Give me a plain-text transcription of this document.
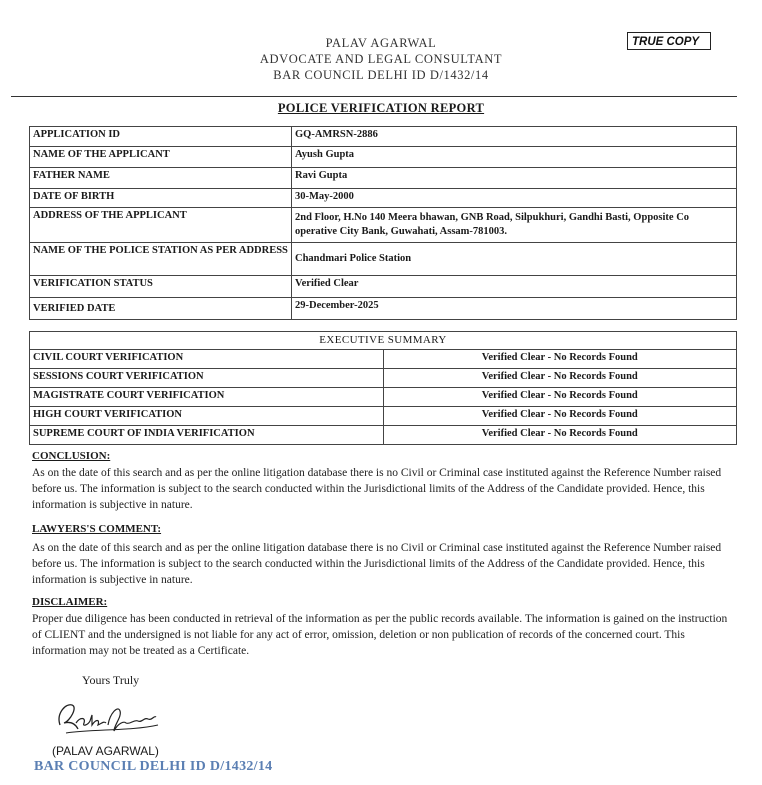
PALAV AGARWAL
ADVOCATE AND LEGAL CONSULTANT
BAR COUNCIL DELHI ID D/1432/14
TRUE COPY
POLICE VERIFICATION REPORT
APPLICATION ID	GQ-AMRSN-2886
NAME OF THE APPLICANT	Ayush Gupta
FATHER NAME	Ravi Gupta
DATE OF BIRTH	30-May-2000
ADDRESS OF THE APPLICANT	2nd Floor, H.No 140 Meera bhawan, GNB Road, Silpukhuri, Gandhi Basti, Opposite Co operative City Bank, Guwahati, Assam-781003.
NAME OF THE POLICE STATION AS PER ADDRESS	Chandmari Police Station
VERIFICATION STATUS	Verified Clear
VERIFIED DATE	29-December-2025
EXECUTIVE SUMMARY	
CIVIL COURT VERIFICATION	Verified Clear - No Records Found
SESSIONS COURT VERIFICATION	Verified Clear - No Records Found
MAGISTRATE COURT VERIFICATION	Verified Clear - No Records Found
HIGH COURT VERIFICATION	Verified Clear - No Records Found
SUPREME COURT OF INDIA VERIFICATION	Verified Clear - No Records Found
CONCLUSION:
As on the date of this search and as per the online litigation database there is no Civil or Criminal case instituted against the Reference Number raised before us. The information is subject to the search conducted within the Jurisdictional limits of the Address of the Candidate provided. Hence, this information is subjective in nature.
LAWYERS'S COMMENT:
As on the date of this search and as per the online litigation database there is no Civil or Criminal case instituted against the Reference Number raised before us. The information is subject to the search conducted within the Jurisdictional limits of the Address of the Candidate provided. Hence, this information is subjective in nature.
DISCLAIMER:
Proper due diligence has been conducted in retrieval of the information as per the public records available. The information is gained on the instruction of CLIENT and the undersigned is not liable for any act of error, omission, deletion or non publication of records of the concerned court. This information may not be treated as a Certificate.
Yours Truly
(PALAV AGARWAL)
BAR COUNCIL DELHI ID D/1432/14
